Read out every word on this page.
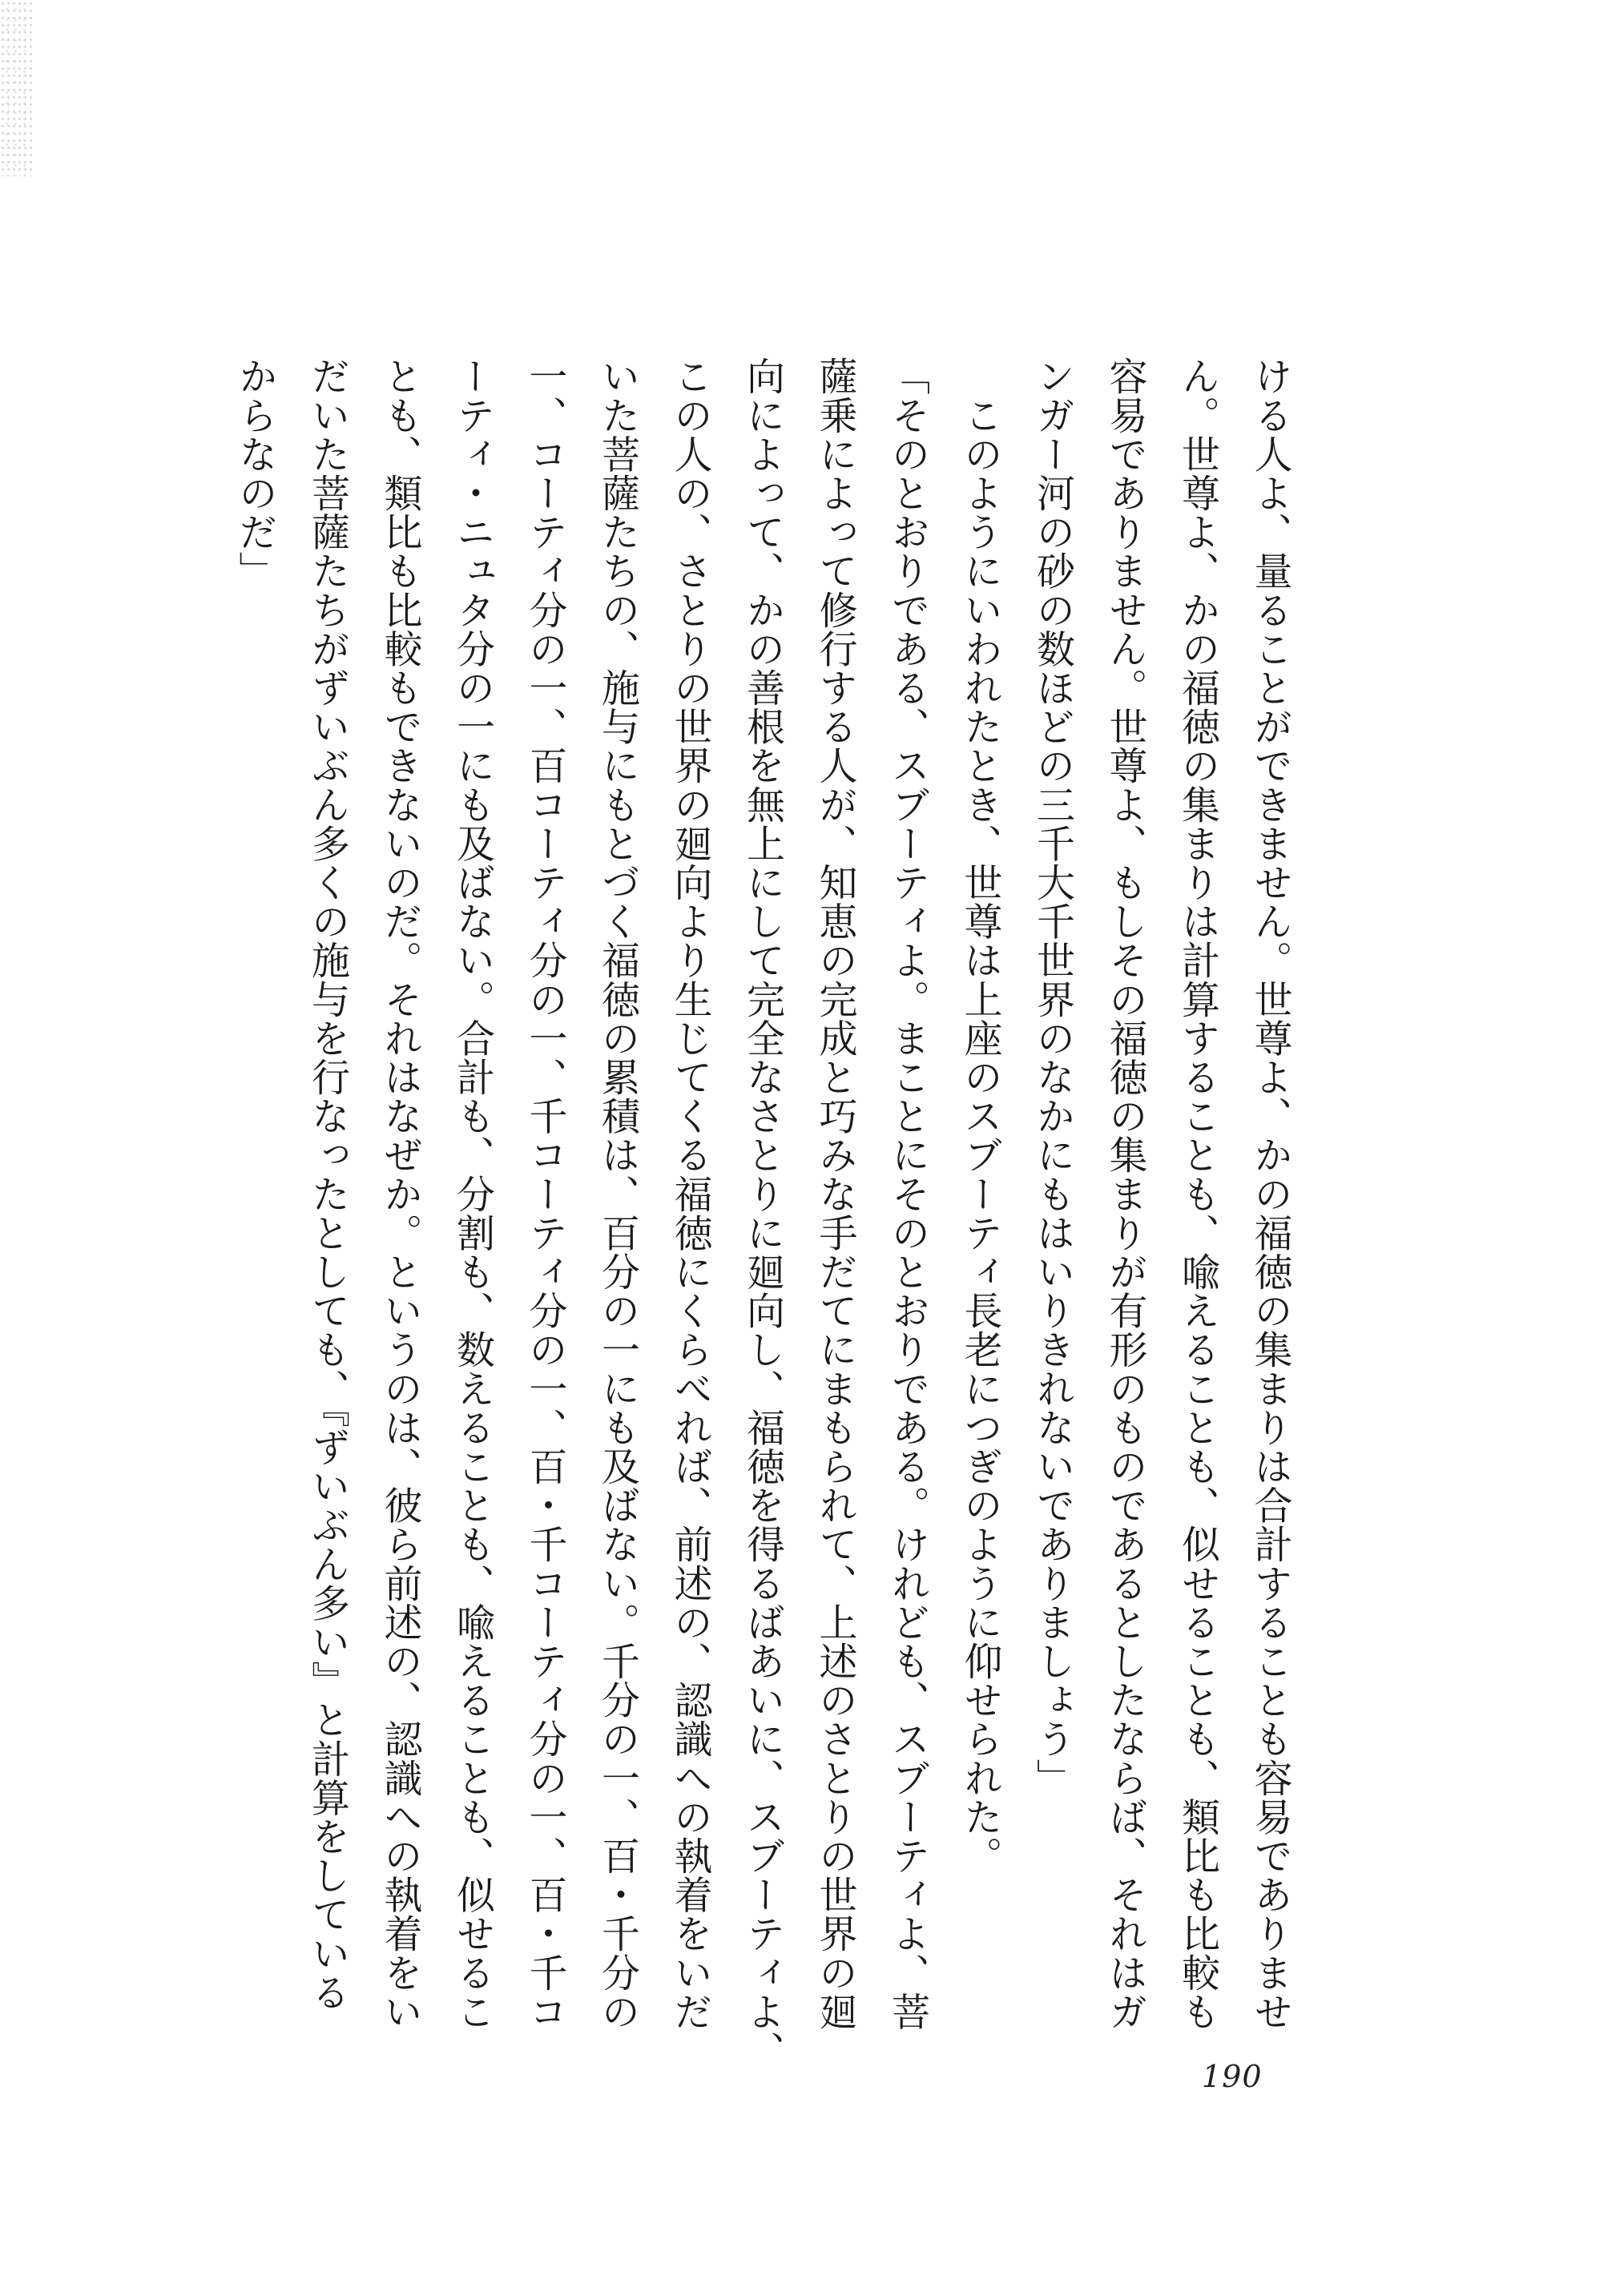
ける人よ、量ることができません。世尊よ、かの福徳の集まりは合計することも容易でありませ
ん。世尊よ、かの福徳の集まりは計算することも、喩えることも、似せることも、類比も比較も
容易でありません。世尊よ、もしその福徳の集まりが有形のものであるとしたならば、それはガ
ンガー河の砂の数ほどの三千大千世界のなかにもはいりきれないでありましょう」
　このようにいわれたとき、世尊は上座のスブーティ長老につぎのように仰せられた。
「そのとおりである、スブーティよ。まことにそのとおりである。けれども、スブーティよ、菩
薩乗によって修行する人が、知恵の完成と巧みな手だてにまもられて、上述のさとりの世界の廻
向によって、かの善根を無上にして完全なさとりに廻向し、福徳を得るばあいに、スブーティよ、
この人の、さとりの世界の廻向より生じてくる福徳にくらべれば、前述の、認識への執着をいだ
いた菩薩たちの、施与にもとづく福徳の累積は、百分の一にも及ばない。千分の一、百・千分の
一、コーティ分の一、百コーティ分の一、千コーティ分の一、百・千コーティ分の一、百・千コ
ーティ・ニュタ分の一にも及ばない。合計も、分割も、数えることも、喩えることも、似せるこ
とも、類比も比較もできないのだ。それはなぜか。というのは、彼ら前述の、認識への執着をい
だいた菩薩たちがずいぶん多くの施与を行なったとしても、『ずいぶん多い』と計算をしている
からなのだ」
190
